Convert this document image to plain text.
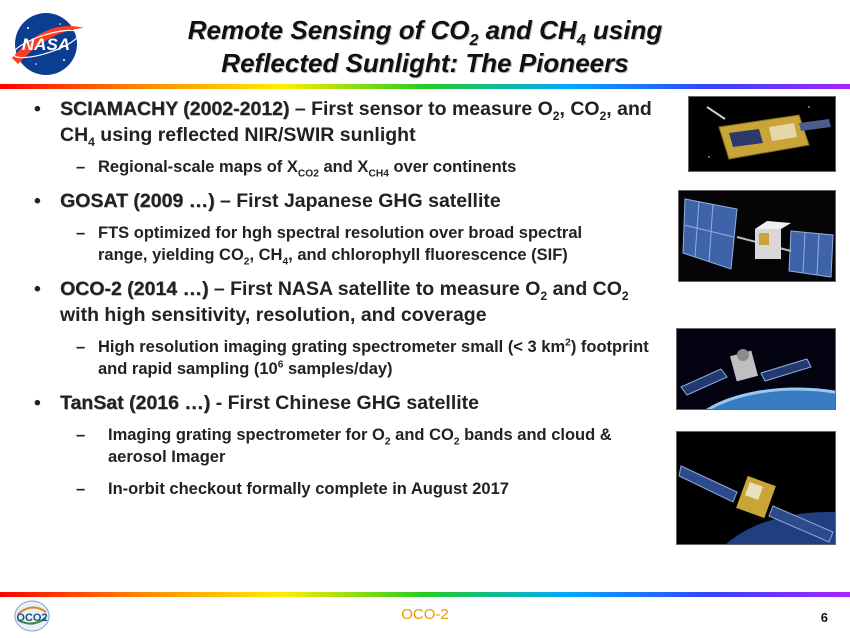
NASA	Remote Sensing of $CO_2$ and $CH_4$ using
Reflected Sunlight: The Pioneers
• SCIAMACHY (2002-2012) – First sensor to measure $O_2$, $CO_2$, and $CH_4$ using reflected NIR/SWIR sunlight
– Regional-scale maps of $X_{CO2}$ and $X_{CH4}$ over continents
• GOSAT (2009 …) – First Japanese GHG satellite
– FTS optimized for hgh spectral resolution over broad spectral range, yielding $CO_2$, $CH_4$, and chlorophyll fluorescence (SIF)
• OCO-2 (2014 …) – First NASA satellite to measure $O_2$ and $CO_2$ with high sensitivity, resolution, and coverage
– High resolution imaging grating spectrometer small (< 3 $km^2$) footprint and rapid sampling ($10^6$ samples/day)
• TanSat (2016 …) - First Chinese GHG satellite
– Imaging grating spectrometer for $O_2$ and $CO_2$ bands and cloud & aerosol Imager
– In-orbit checkout formally complete in August 2017
OCO2	OCO-2	6
